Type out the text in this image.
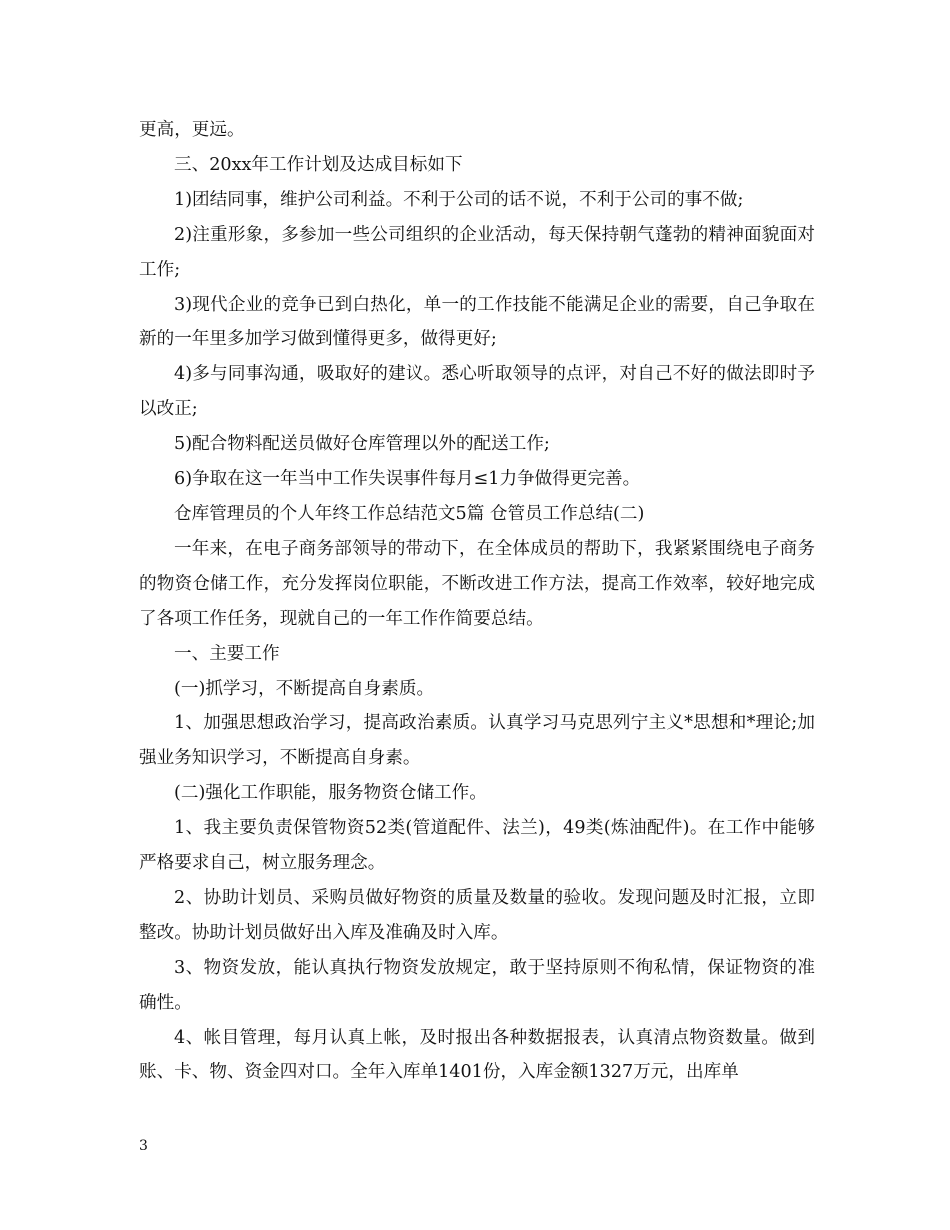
更高，更远。

三、20xx年工作计划及达成目标如下

1)团结同事，维护公司利益。不利于公司的话不说，不利于公司的事不做;

2)注重形象，多参加一些公司组织的企业活动，每天保持朝气蓬勃的精神面貌面对工作;

3)现代企业的竞争已到白热化，单一的工作技能不能满足企业的需要，自己争取在新的一年里多加学习做到懂得更多，做得更好;

4)多与同事沟通，吸取好的建议。悉心听取领导的点评，对自己不好的做法即时予以改正;

5)配合物料配送员做好仓库管理以外的配送工作;

6)争取在这一年当中工作失误事件每月≤1力争做得更完善。

仓库管理员的个人年终工作总结范文5篇 仓管员工作总结(二)

一年来，在电子商务部领导的带动下，在全体成员的帮助下，我紧紧围绕电子商务的物资仓储工作，充分发挥岗位职能，不断改进工作方法，提高工作效率，较好地完成了各项工作任务，现就自己的一年工作作简要总结。

一、主要工作

(一)抓学习，不断提高自身素质。

1、加强思想政治学习，提高政治素质。认真学习马克思列宁主义*思想和*理论;加强业务知识学习，不断提高自身素。

(二)强化工作职能，服务物资仓储工作。

1、我主要负责保管物资52类(管道配件、法兰)，49类(炼油配件)。在工作中能够严格要求自己，树立服务理念。

2、协助计划员、采购员做好物资的质量及数量的验收。发现问题及时汇报，立即整改。协助计划员做好出入库及准确及时入库。

3、物资发放，能认真执行物资发放规定，敢于坚持原则不徇私情，保证物资的准确性。

4、帐目管理，每月认真上帐，及时报出各种数据报表，认真清点物资数量。做到账、卡、物、资金四对口。全年入库单1401份，入库金额1327万元，出库单

3
